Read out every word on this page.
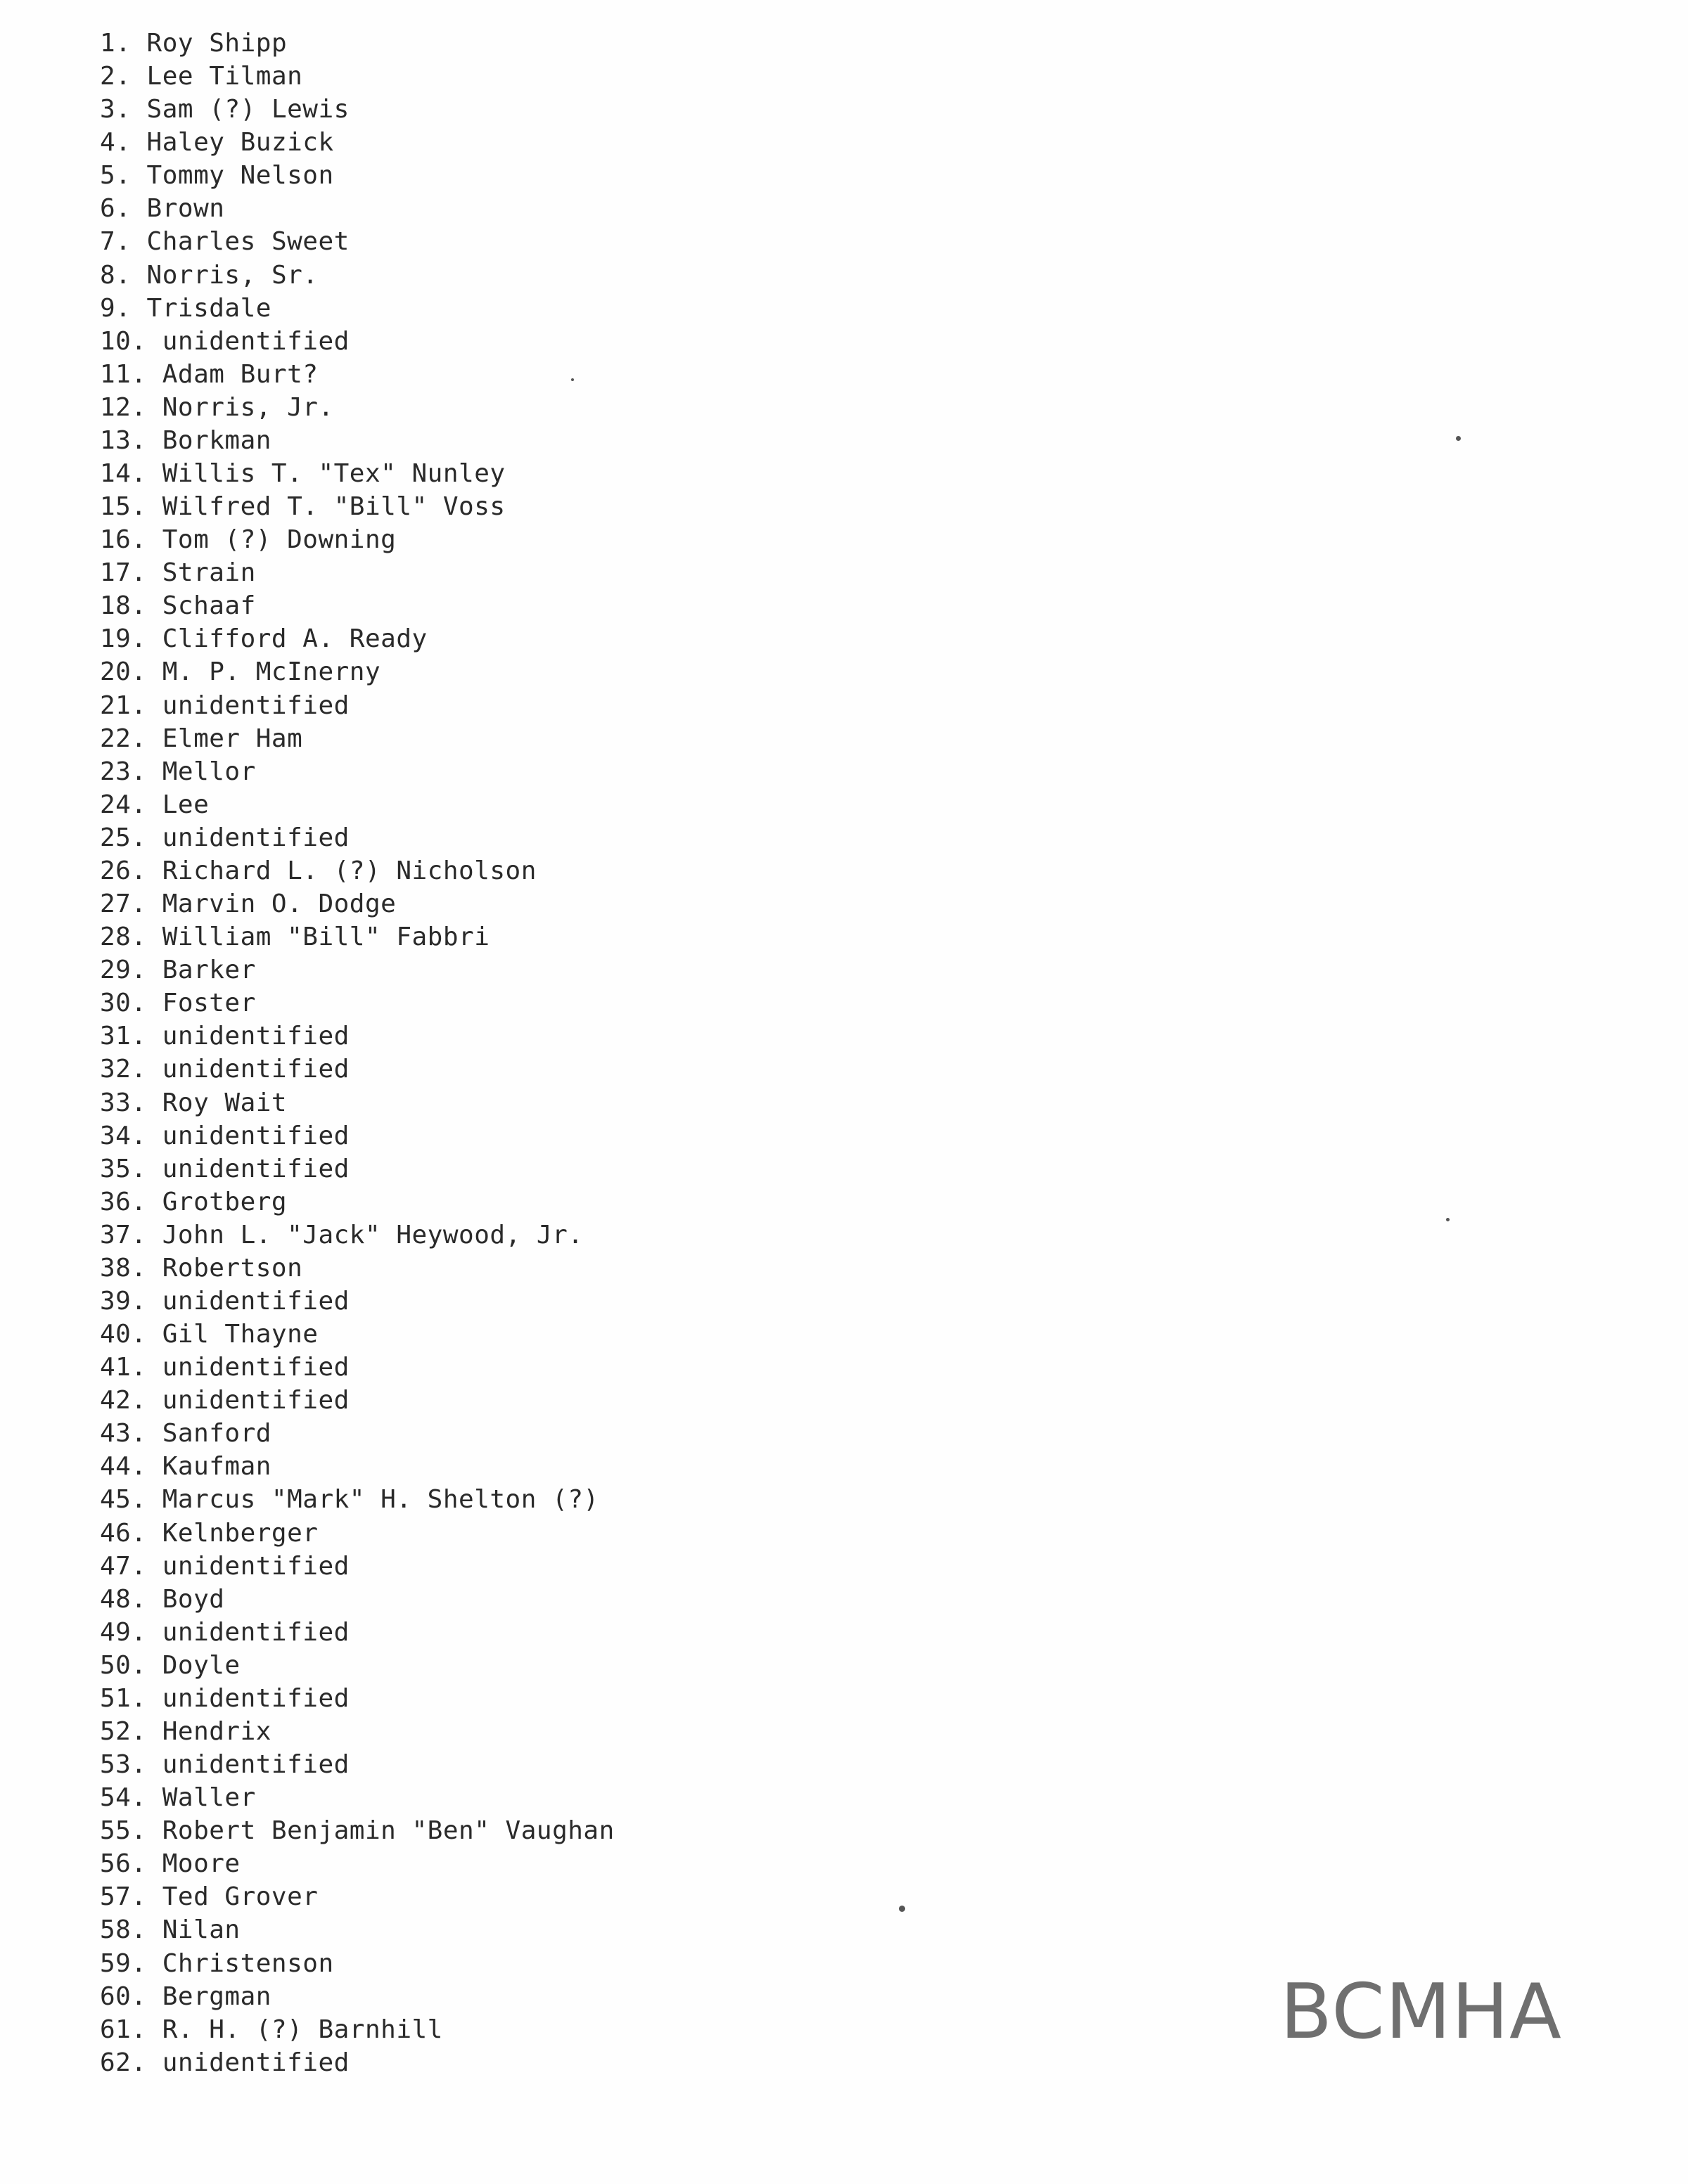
1. Roy Shipp
2. Lee Tilman
3. Sam (?) Lewis
4. Haley Buzick
5. Tommy Nelson
6. Brown
7. Charles Sweet
8. Norris, Sr.
9. Trisdale
10. unidentified
11. Adam Burt?
12. Norris, Jr.
13. Borkman
14. Willis T. "Tex" Nunley
15. Wilfred T. "Bill" Voss
16. Tom (?) Downing
17. Strain
18. Schaaf
19. Clifford A. Ready
20. M. P. McInerny
21. unidentified
22. Elmer Ham
23. Mellor
24. Lee
25. unidentified
26. Richard L. (?) Nicholson
27. Marvin O. Dodge
28. William "Bill" Fabbri
29. Barker
30. Foster
31. unidentified
32. unidentified
33. Roy Wait
34. unidentified
35. unidentified
36. Grotberg
37. John L. "Jack" Heywood, Jr.
38. Robertson
39. unidentified
40. Gil Thayne
41. unidentified
42. unidentified
43. Sanford
44. Kaufman
45. Marcus "Mark" H. Shelton (?)
46. Kelnberger
47. unidentified
48. Boyd
49. unidentified
50. Doyle
51. unidentified
52. Hendrix
53. unidentified
54. Waller
55. Robert Benjamin "Ben" Vaughan
56. Moore
57. Ted Grover
58. Nilan
59. Christenson
60. Bergman
61. R. H. (?) Barnhill
62. unidentified
BCMHA
